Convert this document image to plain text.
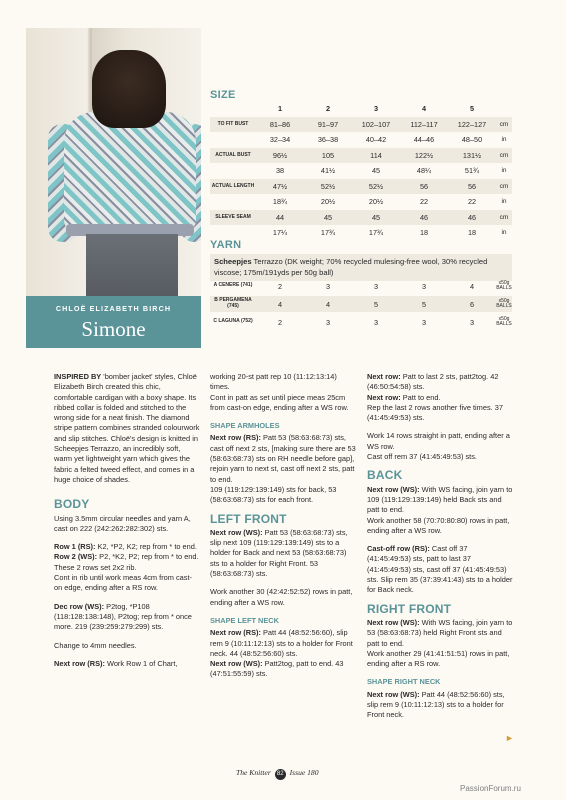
CHLOË ELIZABETH BIRCH
Simone
SIZE
1	2	3	4	5
TO FIT BUST	81–86	91–97	102–107	112–117	122–127	cm
32–34	36–38	40–42	44–46	48–50	in
ACTUAL BUST	96½	105	114	122½	131½	cm
38	41½	45	48¼	51¾	in
ACTUAL LENGTH	47½	52½	52½	56	56	cm
18¾	20½	20½	22	22	in
SLEEVE SEAM	44	45	45	46	46	cm
17¼	17¾	17¾	18	18	in
YARN
Scheepjes Terrazzo (DK weight; 70% recycled mulesing-free wool, 30% recycled viscose; 175m/191yds per 50g ball)
A CENERE (741)	2	3	3	3	4	x50g BALLS
B PERGAMENA (745)	4	4	5	5	6	x50g BALLS
C LAGUNA (752)	2	3	3	3	3	x50g BALLS

INSPIRED BY 'bomber jacket' styles, Chloë Elizabeth Birch created this chic, comfortable cardigan with a boxy shape. Its ribbed collar is folded and stitched to the wrong side for a neat finish. The diamond stripe pattern combines stranded colourwork and slip stitches. Chloë's design is knitted in Scheepjes Terrazzo, an incredibly soft, warm yet lightweight yarn which gives the fabric a felted tweed effect, and comes in a huge choice of shades.

BODY

Using 3.5mm circular needles and yarn A, cast on 222 (242:262:282:302) sts.

Row 1 (RS): K2, *P2, K2; rep from * to end.

Row 2 (WS): P2, *K2, P2; rep from * to end.

These 2 rows set 2x2 rib.

Cont in rib until work meas 4cm from cast-on edge, ending after a RS row.

Dec row (WS): P2tog, *P108 (118:128:138:148), P2tog; rep from * once more. 219 (239:259:279:299) sts.

Change to 4mm needles.

Next row (RS): Work Row 1 of Chart,

working 20-st patt rep 10 (11:12:13:14) times.

Cont in patt as set until piece meas 25cm from cast-on edge, ending after a WS row.

SHAPE ARMHOLES

Next row (RS): Patt 53 (58:63:68:73) sts, cast off next 2 sts, [making sure there are 53 (58:63:68:73) sts on RH needle before gap], rejoin yarn to next st, cast off next 2 sts, patt to end.

109 (119:129:139:149) sts for back, 53 (58:63:68:73) sts for each front.

LEFT FRONT

Next row (WS): Patt 53 (58:63:68:73) sts, slip next 109 (119:129:139:149) sts to a holder for Back and next 53 (58:63:68:73) sts to a holder for Right Front. 53 (58:63:68:73) sts.

Work another 30 (42:42:52:52) rows in patt, ending after a WS row.

SHAPE LEFT NECK

Next row (RS): Patt 44 (48:52:56:60), slip rem 9 (10:11:12:13) sts to a holder for Front neck. 44 (48:52:56:60) sts.

Next row (WS): Patt2tog, patt to end. 43 (47:51:55:59) sts.

Next row: Patt to last 2 sts, patt2tog. 42 (46:50:54:58) sts.

Next row: Patt to end.

Rep the last 2 rows another five times. 37 (41:45:49:53) sts.

Work 14 rows straight in patt, ending after a WS row.

Cast off rem 37 (41:45:49:53) sts.

BACK

Next row (WS): With WS facing, join yarn to 109 (119:129:139:149) held Back sts and patt to end.

Work another 58 (70:70:80:80) rows in patt, ending after a WS row.

Cast-off row (RS): Cast off 37 (41:45:49:53) sts, patt to last 37 (41:45:49:53) sts, cast off 37 (41:45:49:53) sts. Slip rem 35 (37:39:41:43) sts to a holder for Back neck.

RIGHT FRONT

Next row (WS): With WS facing, join yarn to 53 (58:63:68:73) held Right Front sts and patt to end.

Work another 29 (41:41:51:51) rows in patt, ending after a RS row.

SHAPE RIGHT NECK

Next row (WS): Patt 44 (48:52:56:60) sts, slip rem 9 (10:11:12:13) sts to a holder for Front neck.

►
The Knitter 82 Issue 180
PassionForum.ru
